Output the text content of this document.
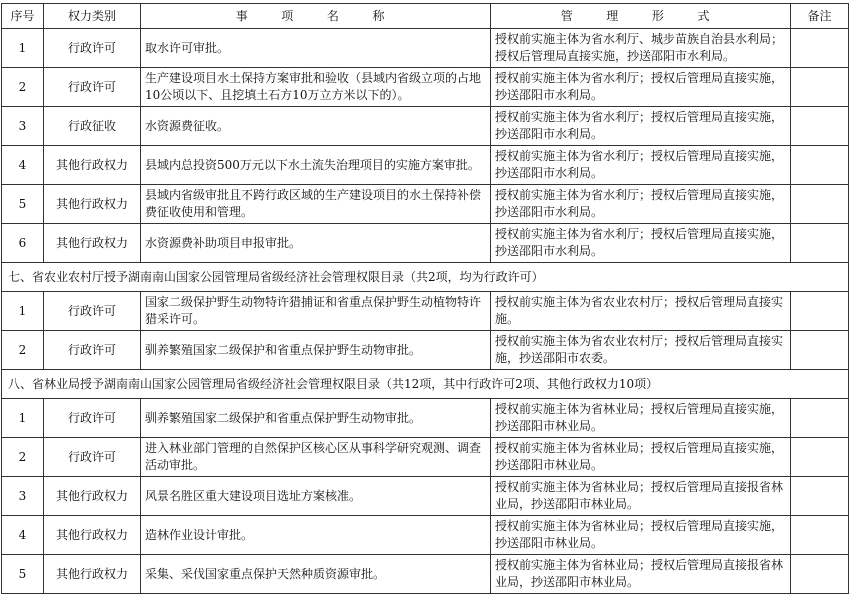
序号	权力类别	事　项　名　称	管　理　形　式	备注
1	行政许可	取水许可审批。	授权前实施主体为省水利厅、城步苗族自治县水利局；授权后管理局直接实施，抄送邵阳市水利局。	
2	行政许可	生产建设项目水土保持方案审批和验收（县域内省级立项的占地10公顷以下、且挖填土石方10万立方米以下的）。	授权前实施主体为省水利厅；授权后管理局直接实施，抄送邵阳市水利局。	
3	行政征收	水资源费征收。	授权前实施主体为省水利厅；授权后管理局直接实施，抄送邵阳市水利局。	
4	其他行政权力	县域内总投资500万元以下水土流失治理项目的实施方案审批。	授权前实施主体为省水利厅；授权后管理局直接实施，抄送邵阳市水利局。	
5	其他行政权力	县域内省级审批且不跨行政区域的生产建设项目的水土保持补偿费征收使用和管理。	授权前实施主体为省水利厅；授权后管理局直接实施，抄送邵阳市水利局。	
6	其他行政权力	水资源费补助项目申报审批。	授权前实施主体为省水利厅；授权后管理局直接实施，抄送邵阳市水利局。	
七、省农业农村厅授予湖南南山国家公园管理局省级经济社会管理权限目录（共2项，均为行政许可）				
1	行政许可	国家二级保护野生动物特许猎捕证和省重点保护野生动植物特许猎采许可。	授权前实施主体为省农业农村厅；授权后管理局直接实施。	
2	行政许可	驯养繁殖国家二级保护和省重点保护野生动物审批。	授权前实施主体为省农业农村厅；授权后管理局直接实施，抄送邵阳市农委。	
八、省林业局授予湖南南山国家公园管理局省级经济社会管理权限目录（共12项，其中行政许可2项、其他行政权力10项）				
1	行政许可	驯养繁殖国家二级保护和省重点保护野生动物审批。	授权前实施主体为省林业局；授权后管理局直接实施，抄送邵阳市林业局。	
2	行政许可	进入林业部门管理的自然保护区核心区从事科学研究观测、调查活动审批。	授权前实施主体为省林业局；授权后管理局直接实施，抄送邵阳市林业局。	
3	其他行政权力	风景名胜区重大建设项目选址方案核准。	授权前实施主体为省林业局；授权后管理局直接报省林业局，抄送邵阳市林业局。	
4	其他行政权力	造林作业设计审批。	授权前实施主体为省林业局；授权后管理局直接实施，抄送邵阳市林业局。	
5	其他行政权力	采集、采伐国家重点保护天然种质资源审批。	授权前实施主体为省林业局；授权后管理局直接报省林业局，抄送邵阳市林业局。	
